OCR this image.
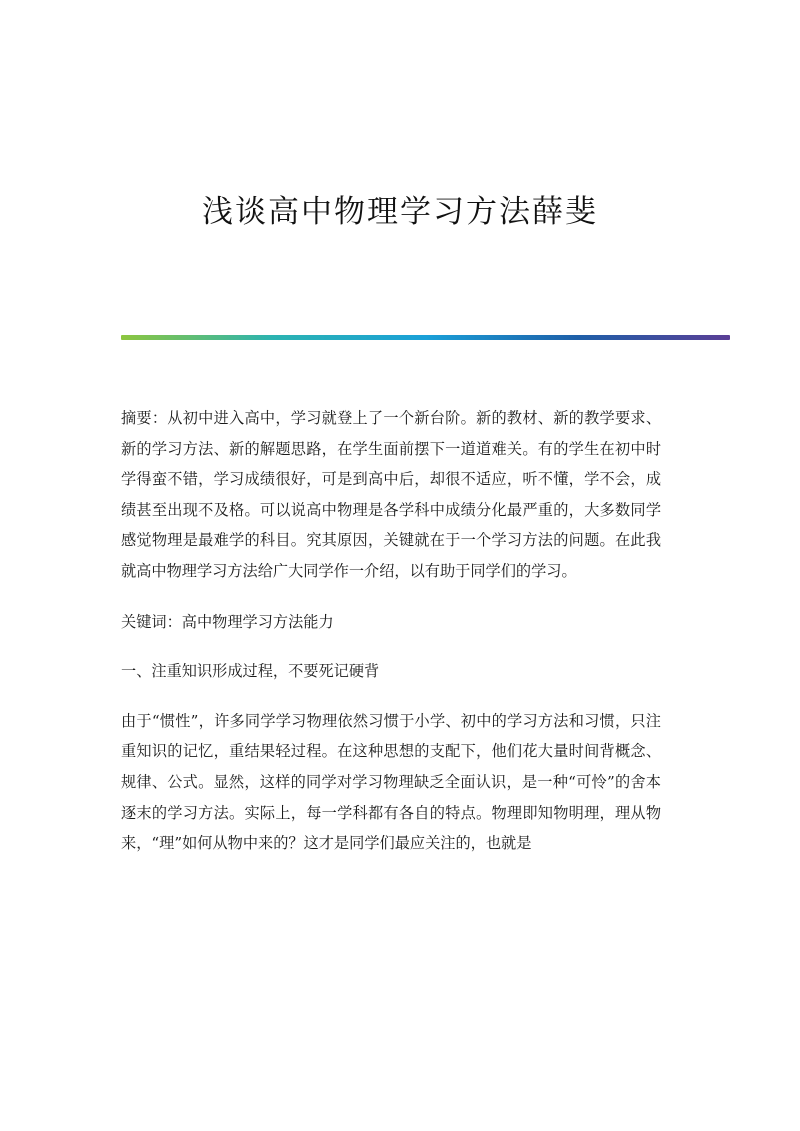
浅谈高中物理学习方法薛斐

摘要：从初中进入高中，学习就登上了一个新台阶。新的教材、新的教学要求、新的学习方法、新的解题思路，在学生面前摆下一道道难关。有的学生在初中时学得蛮不错，学习成绩很好，可是到高中后，却很不适应，听不懂，学不会，成绩甚至出现不及格。可以说高中物理是各学科中成绩分化最严重的，大多数同学感觉物理是最难学的科目。究其原因，关键就在于一个学习方法的问题。在此我就高中物理学习方法给广大同学作一介绍，以有助于同学们的学习。

关键词：高中物理学习方法能力

一、注重知识形成过程，不要死记硬背

由于“惯性”，许多同学学习物理依然习惯于小学、初中的学习方法和习惯，只注重知识的记忆，重结果轻过程。在这种思想的支配下，他们花大量时间背概念、规律、公式。显然，这样的同学对学习物理缺乏全面认识，是一种“可怜”的舍本逐末的学习方法。实际上，每一学科都有各自的特点。物理即知物明理，理从物来，“理”如何从物中来的？这才是同学们最应关注的，也就是
